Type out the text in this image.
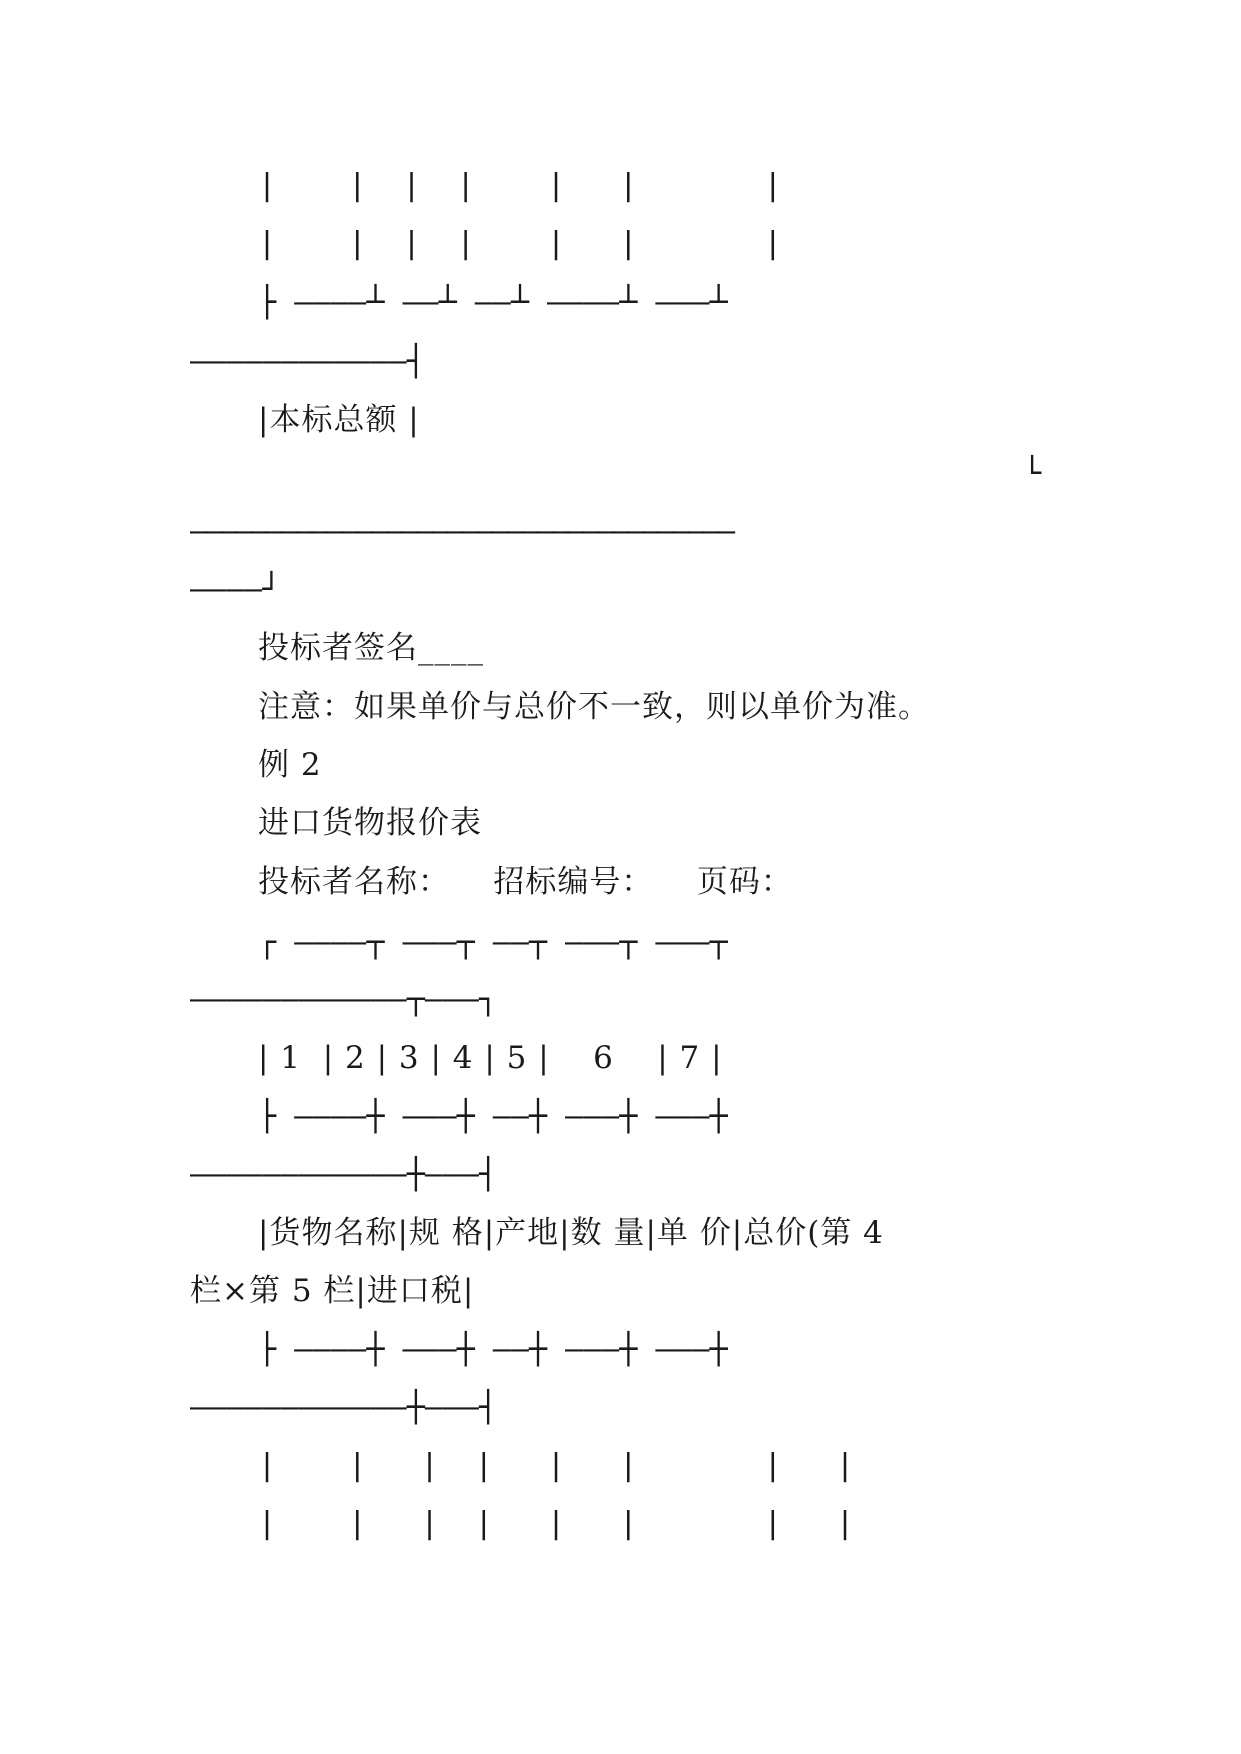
|    |  |  |    |   |       |
|    |  |  |    |   |       |
├ ————┴ ——┴ ——┴ ————┴ ———┴
————————————┤
|本标总额 |
└
————————————————————————————————————
————┘
投标者签名____
注意：如果单价与总价不一致，则以单价为准。
例 2
进口货物报价表
投标者名称：    招标编号：    页码：
┌ ————┬ ———┬ ——┬ ———┬ ———┬
————————————┬———┐
| 1  | 2 | 3 | 4 | 5 |    6    | 7 |
├ ————┼ ———┼ ——┼ ———┼ ———┼
————————————┼———┤
|货物名称|规 格|产地|数 量|单 价|总价(第 4
栏×第 5 栏|进口税|
├ ————┼ ———┼ ——┼ ———┼ ———┼
————————————┼———┤
|    |   |  |   |   |       |   |
|    |   |  |   |   |       |   |
